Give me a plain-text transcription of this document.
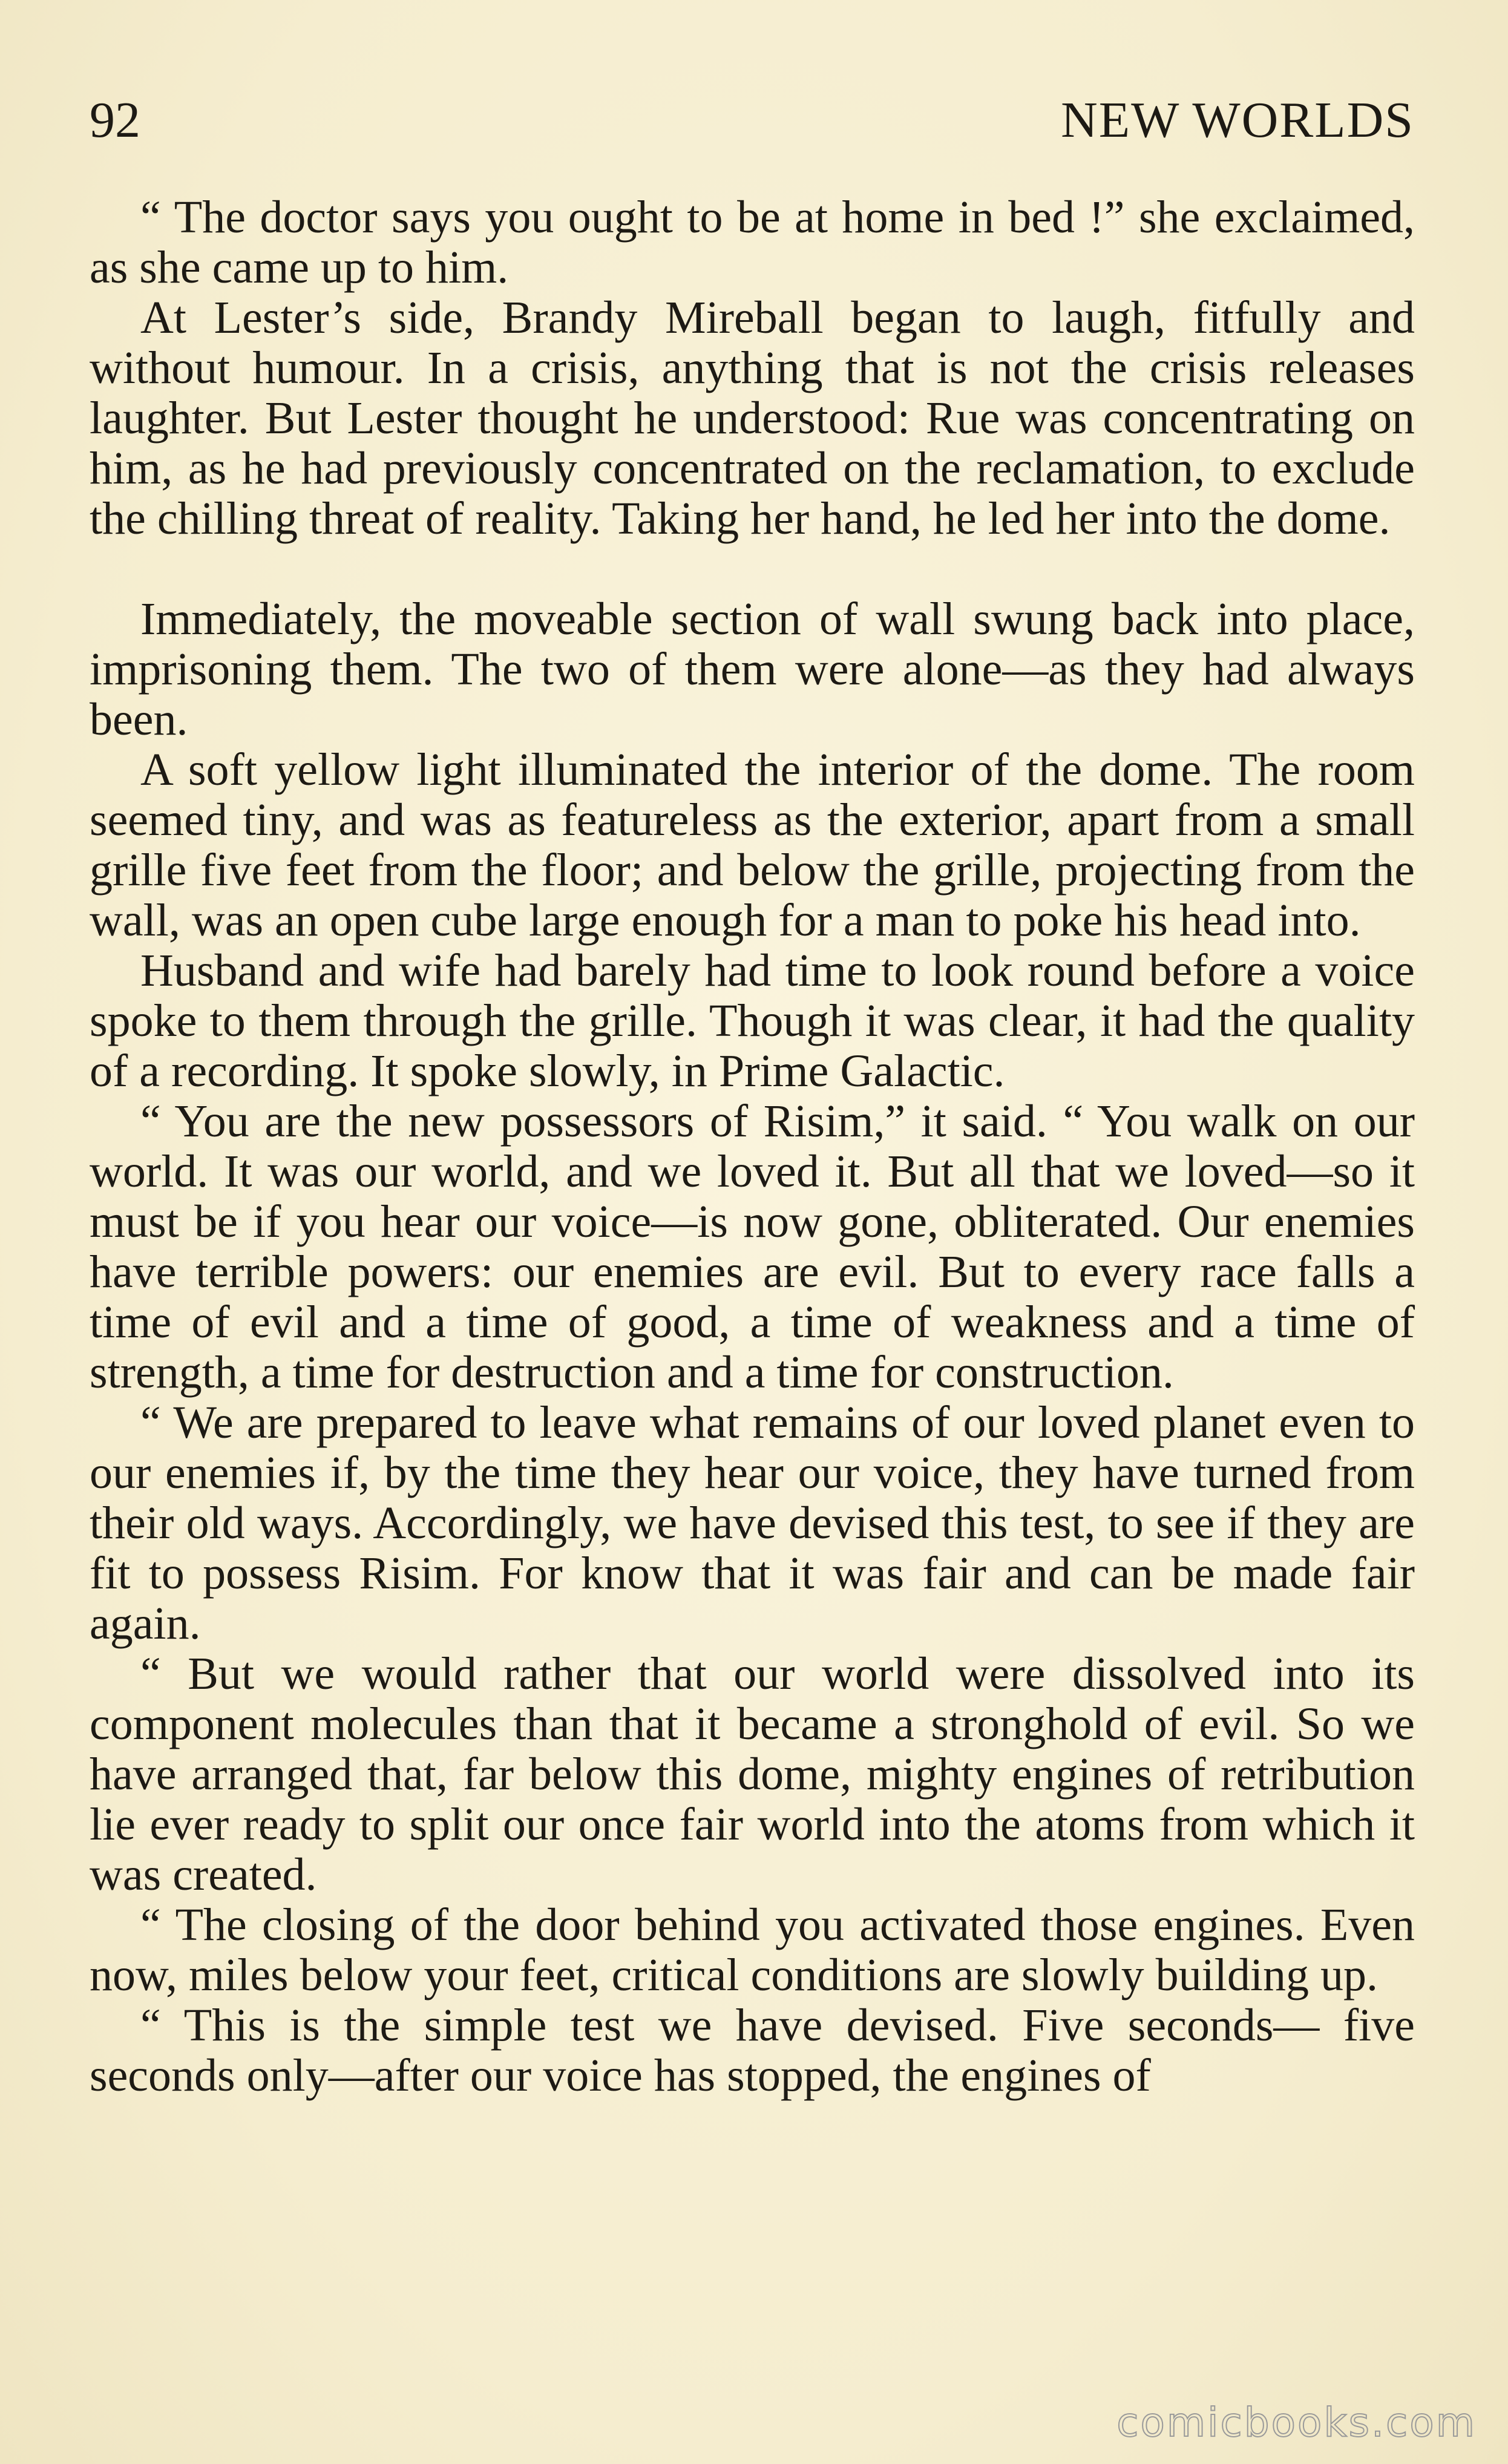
92	NEW WORLDS

“ The doctor says you ought to be at home in bed !” she exclaimed, as she came up to him.

At Lester’s side, Brandy Mireball began to laugh, fitfully and without humour. In a crisis, anything that is not the crisis releases laughter. But Lester thought he understood: Rue was concentrating on him, as he had previously concentrated on the reclamation, to exclude the chilling threat of reality. Taking her hand, he led her into the dome.

Immediately, the moveable section of wall swung back into place, imprisoning them. The two of them were alone—as they had always been.

A soft yellow light illuminated the interior of the dome. The room seemed tiny, and was as featureless as the exterior, apart from a small grille five feet from the floor; and below the grille, projecting from the wall, was an open cube large enough for a man to poke his head into.

Husband and wife had barely had time to look round before a voice spoke to them through the grille. Though it was clear, it had the quality of a recording. It spoke slowly, in Prime Galactic.

“ You are the new possessors of Risim,” it said. “ You walk on our world. It was our world, and we loved it. But all that we loved—so it must be if you hear our voice—is now gone, obliterated. Our enemies have terrible powers: our enemies are evil. But to every race falls a time of evil and a time of good, a time of weakness and a time of strength, a time for destruction and a time for construction.

“ We are prepared to leave what remains of our loved planet even to our enemies if, by the time they hear our voice, they have turned from their old ways. Accordingly, we have devised this test, to see if they are fit to possess Risim. For know that it was fair and can be made fair again.

“ But we would rather that our world were dissolved into its component molecules than that it became a stronghold of evil. So we have arranged that, far below this dome, mighty engines of retribution lie ever ready to split our once fair world into the atoms from which it was created.

“ The closing of the door behind you activated those engines. Even now, miles below your feet, critical conditions are slowly building up.

“ This is the simple test we have devised. Five seconds— five seconds only—after our voice has stopped, the engines of

comicbooks.com
